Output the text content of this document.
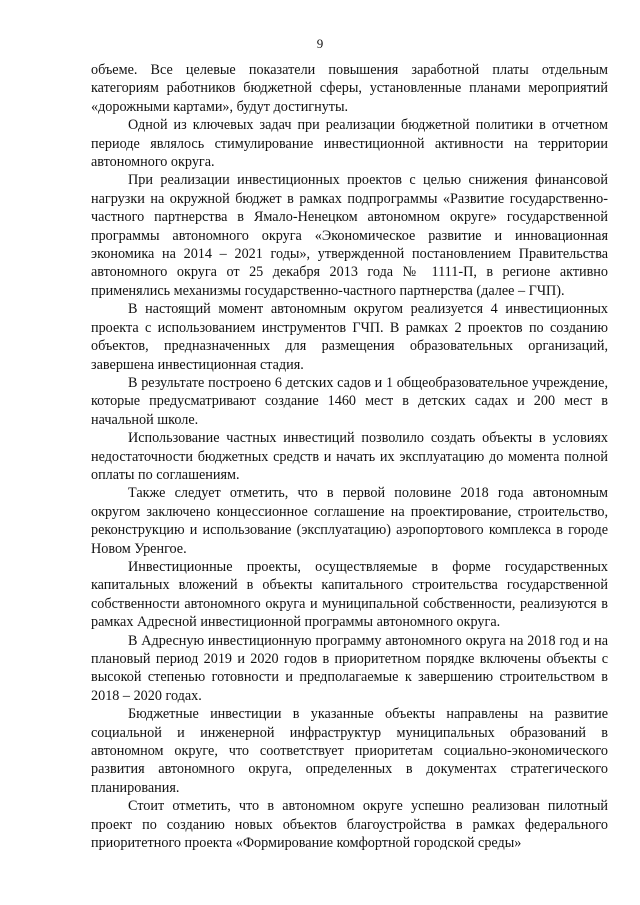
9

объеме. Все целевые показатели повышения заработной платы отдельным категориям работников бюджетной сферы, установленные планами мероприятий «дорожными картами», будут достигнуты.

Одной из ключевых задач при реализации бюджетной политики в отчетном периоде являлось стимулирование инвестиционной активности на территории автономного округа.

При реализации инвестиционных проектов с целью снижения финансовой нагрузки на окружной бюджет в рамках подпрограммы «Развитие государственно-частного партнерства в Ямало-Ненецком автономном округе» государственной программы автономного округа «Экономическое развитие и инновационная экономика на 2014 – 2021 годы», утвержденной постановлением Правительства автономного округа от 25 декабря 2013 года № 1111-П, в регионе активно применялись механизмы государственно-частного партнерства (далее – ГЧП).

В настоящий момент автономным округом реализуется 4 инвестиционных проекта с использованием инструментов ГЧП. В рамках 2 проектов по созданию объектов, предназначенных для размещения образовательных организаций, завершена инвестиционная стадия.

В результате построено 6 детских садов и 1 общеобразовательное учреждение, которые предусматривают создание 1460 мест в детских садах и 200 мест в начальной школе.

Использование частных инвестиций позволило создать объекты в условиях недостаточности бюджетных средств и начать их эксплуатацию до момента полной оплаты по соглашениям.

Также следует отметить, что в первой половине 2018 года автономным округом заключено концессионное соглашение на проектирование, строительство, реконструкцию и использование (эксплуатацию) аэропортового комплекса в городе Новом Уренгое.

Инвестиционные проекты, осуществляемые в форме государственных капитальных вложений в объекты капитального строительства государственной собственности автономного округа и муниципальной собственности, реализуются в рамках Адресной инвестиционной программы автономного округа.

В Адресную инвестиционную программу автономного округа на 2018 год и на плановый период 2019 и 2020 годов в приоритетном порядке включены объекты с высокой степенью готовности и предполагаемые к завершению строительством в 2018 – 2020 годах.

Бюджетные инвестиции в указанные объекты направлены на развитие социальной и инженерной инфраструктур муниципальных образований в автономном округе, что соответствует приоритетам социально-экономического развития автономного округа, определенных в документах стратегического планирования.

Стоит отметить, что в автономном округе успешно реализован пилотный проект по созданию новых объектов благоустройства в рамках федерального приоритетного проекта «Формирование комфортной городской среды»
